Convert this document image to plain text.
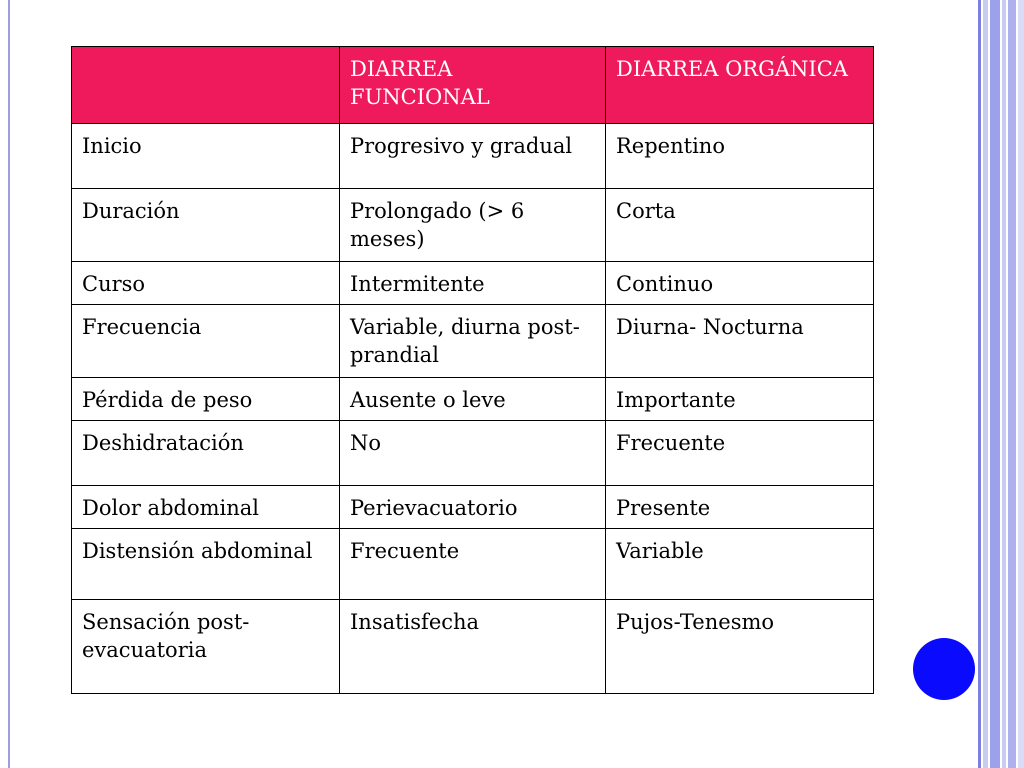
	DIARREA FUNCIONAL	DIARREA ORGÁNICA
Inicio	Progresivo y gradual	Repentino
Duración	Prolongado (> 6 meses)	Corta
Curso	Intermitente	Continuo
Frecuencia	Variable, diurna post-prandial	Diurna- Nocturna
Pérdida de peso	Ausente o leve	Importante
Deshidratación	No	Frecuente
Dolor abdominal	Perievacuatorio	Presente
Distensión abdominal	Frecuente	Variable
Sensación post-evacuatoria	Insatisfecha	Pujos-Tenesmo
